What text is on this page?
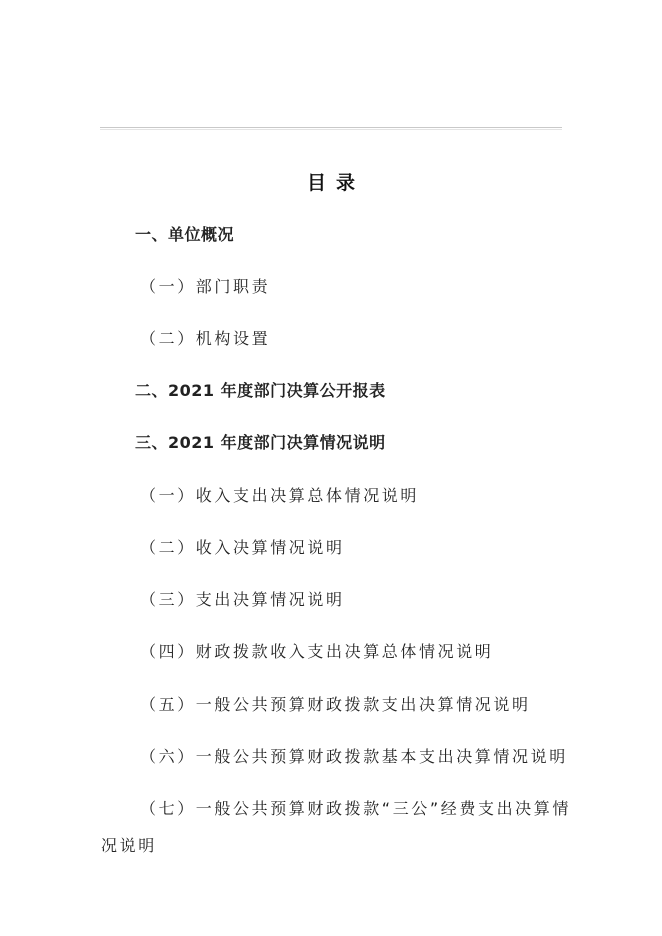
目录
一、单位概况
（一）部门职责
（二）机构设置
二、2021 年度部门决算公开报表
三、2021 年度部门决算情况说明
（一）收入支出决算总体情况说明
（二）收入决算情况说明
（三）支出决算情况说明
（四）财政拨款收入支出决算总体情况说明
（五）一般公共预算财政拨款支出决算情况说明
（六）一般公共预算财政拨款基本支出决算情况说明
（七）一般公共预算财政拨款“三公”经费支出决算情
况说明
